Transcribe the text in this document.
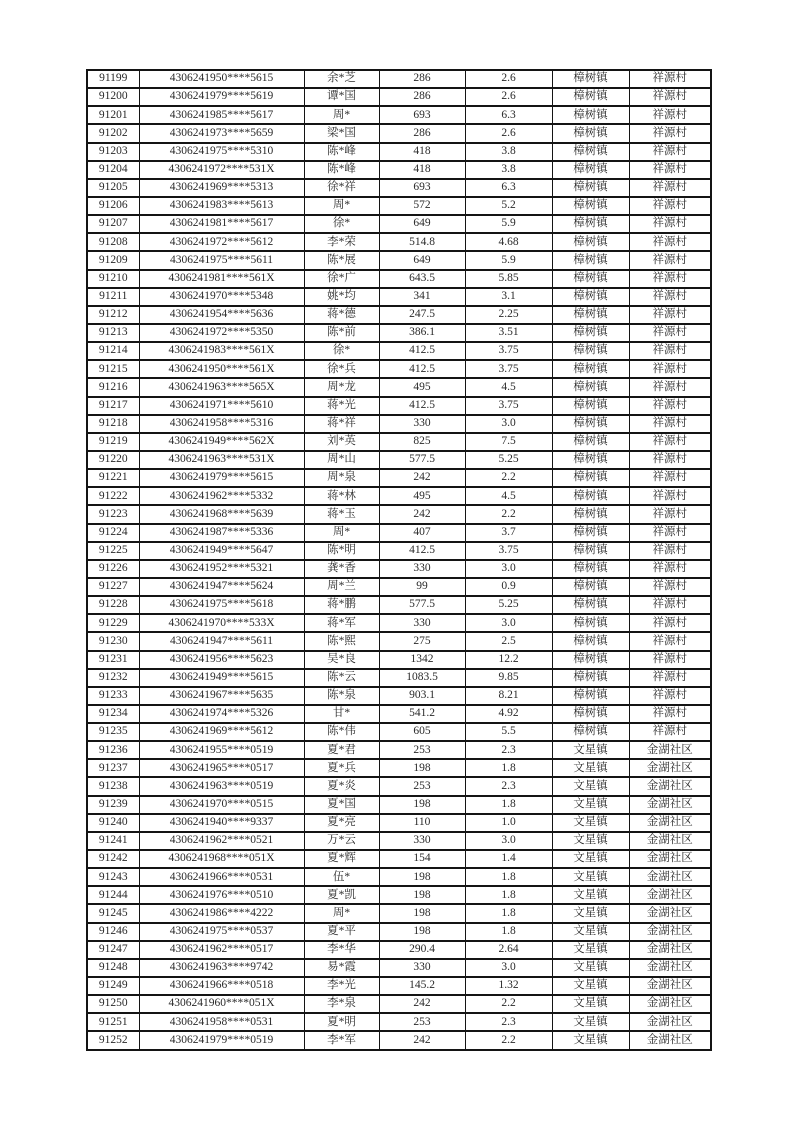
91199	4306241950****5615	余*芝	286	2.6	樟树镇	祥源村
91200	4306241979****5619	谭*国	286	2.6	樟树镇	祥源村
91201	4306241985****5617	周*	693	6.3	樟树镇	祥源村
91202	4306241973****5659	梁*国	286	2.6	樟树镇	祥源村
91203	4306241975****5310	陈*峰	418	3.8	樟树镇	祥源村
91204	4306241972****531X	陈*峰	418	3.8	樟树镇	祥源村
91205	4306241969****5313	徐*祥	693	6.3	樟树镇	祥源村
91206	4306241983****5613	周*	572	5.2	樟树镇	祥源村
91207	4306241981****5617	徐*	649	5.9	樟树镇	祥源村
91208	4306241972****5612	李*荣	514.8	4.68	樟树镇	祥源村
91209	4306241975****5611	陈*展	649	5.9	樟树镇	祥源村
91210	4306241981****561X	徐*广	643.5	5.85	樟树镇	祥源村
91211	4306241970****5348	姚*均	341	3.1	樟树镇	祥源村
91212	4306241954****5636	蒋*德	247.5	2.25	樟树镇	祥源村
91213	4306241972****5350	陈*前	386.1	3.51	樟树镇	祥源村
91214	4306241983****561X	徐*	412.5	3.75	樟树镇	祥源村
91215	4306241950****561X	徐*兵	412.5	3.75	樟树镇	祥源村
91216	4306241963****565X	周*龙	495	4.5	樟树镇	祥源村
91217	4306241971****5610	蒋*光	412.5	3.75	樟树镇	祥源村
91218	4306241958****5316	蒋*祥	330	3.0	樟树镇	祥源村
91219	4306241949****562X	刘*英	825	7.5	樟树镇	祥源村
91220	4306241963****531X	周*山	577.5	5.25	樟树镇	祥源村
91221	4306241979****5615	周*泉	242	2.2	樟树镇	祥源村
91222	4306241962****5332	蒋*林	495	4.5	樟树镇	祥源村
91223	4306241968****5639	蒋*玉	242	2.2	樟树镇	祥源村
91224	4306241987****5336	周*	407	3.7	樟树镇	祥源村
91225	4306241949****5647	陈*明	412.5	3.75	樟树镇	祥源村
91226	4306241952****5321	龚*香	330	3.0	樟树镇	祥源村
91227	4306241947****5624	周*兰	99	0.9	樟树镇	祥源村
91228	4306241975****5618	蒋*鹏	577.5	5.25	樟树镇	祥源村
91229	4306241970****533X	蒋*军	330	3.0	樟树镇	祥源村
91230	4306241947****5611	陈*熙	275	2.5	樟树镇	祥源村
91231	4306241956****5623	吴*良	1342	12.2	樟树镇	祥源村
91232	4306241949****5615	陈*云	1083.5	9.85	樟树镇	祥源村
91233	4306241967****5635	陈*泉	903.1	8.21	樟树镇	祥源村
91234	4306241974****5326	甘*	541.2	4.92	樟树镇	祥源村
91235	4306241969****5612	陈*伟	605	5.5	樟树镇	祥源村
91236	4306241955****0519	夏*君	253	2.3	文星镇	金湖社区
91237	4306241965****0517	夏*兵	198	1.8	文星镇	金湖社区
91238	4306241963****0519	夏*炎	253	2.3	文星镇	金湖社区
91239	4306241970****0515	夏*国	198	1.8	文星镇	金湖社区
91240	4306241940****9337	夏*亮	110	1.0	文星镇	金湖社区
91241	4306241962****0521	万*云	330	3.0	文星镇	金湖社区
91242	4306241968****051X	夏*辉	154	1.4	文星镇	金湖社区
91243	4306241966****0531	伍*	198	1.8	文星镇	金湖社区
91244	4306241976****0510	夏*凯	198	1.8	文星镇	金湖社区
91245	4306241986****4222	周*	198	1.8	文星镇	金湖社区
91246	4306241975****0537	夏*平	198	1.8	文星镇	金湖社区
91247	4306241962****0517	李*华	290.4	2.64	文星镇	金湖社区
91248	4306241963****9742	易*霞	330	3.0	文星镇	金湖社区
91249	4306241966****0518	李*光	145.2	1.32	文星镇	金湖社区
91250	4306241960****051X	李*泉	242	2.2	文星镇	金湖社区
91251	4306241958****0531	夏*明	253	2.3	文星镇	金湖社区
91252	4306241979****0519	李*军	242	2.2	文星镇	金湖社区
